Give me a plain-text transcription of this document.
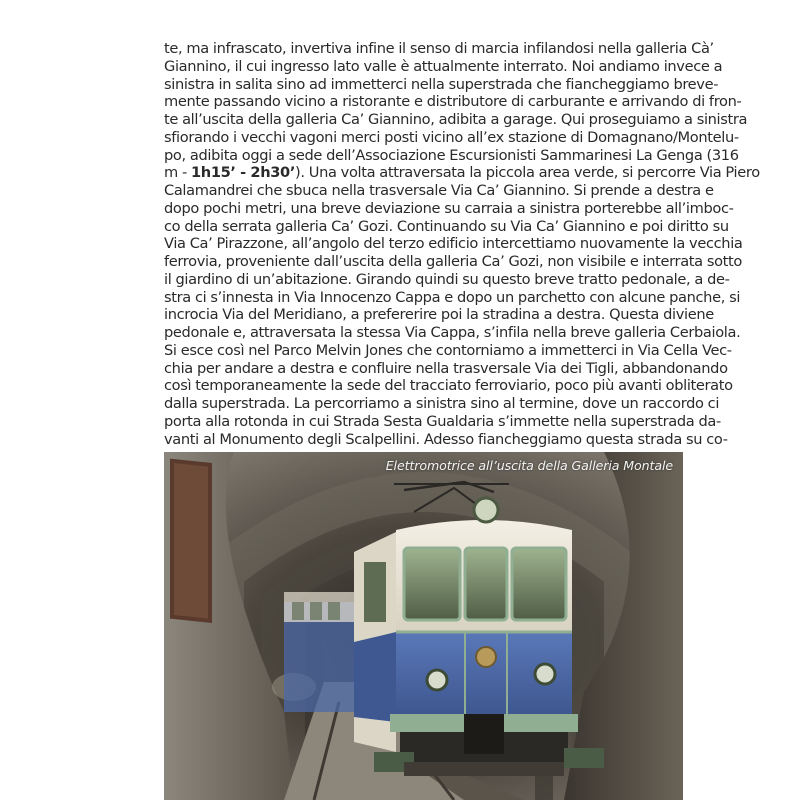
te, ma infrascato, invertiva infine il senso di marcia infilandosi nella galleria Cà’
Giannino, il cui ingresso lato valle è attualmente interrato. Noi andiamo invece a
sinistra in salita sino ad immetterci nella superstrada che fiancheggiamo breve-
mente passando vicino a ristorante e distributore di carburante e arrivando di fron-
te all’uscita della galleria Ca’ Giannino, adibita a garage. Qui proseguiamo a sinistra
sfiorando i vecchi vagoni merci posti vicino all’ex stazione di Domagnano/Montelu-
po, adibita oggi a sede dell’Associazione Escursionisti Sammarinesi La Genga (316
m - 1h15’ - 2h30’). Una volta attraversata la piccola area verde, si percorre Via Piero
Calamandrei che sbuca nella trasversale Via Ca’ Giannino. Si prende a destra e
dopo pochi metri, una breve deviazione su carraia a sinistra porterebbe all’imboc-
co della serrata galleria Ca’ Gozi. Continuando su Via Ca’ Giannino e poi diritto su
Via Ca’ Pirazzone, all’angolo del terzo edificio intercettiamo nuovamente la vecchia
ferrovia, proveniente dall’uscita della galleria Ca’ Gozi, non visibile e interrata sotto
il giardino di un’abitazione. Girando quindi su questo breve tratto pedonale, a de-
stra ci s’innesta in Via Innocenzo Cappa e dopo un parchetto con alcune panche, si
incrocia Via del Meridiano, a prefererire poi la stradina a destra. Questa diviene
pedonale e, attraversata la stessa Via Cappa, s’infila nella breve galleria Cerbaiola.
Si esce così nel Parco Melvin Jones che contorniamo a immetterci in Via Cella Vec-
chia per andare a destra e confluire nella trasversale Via dei Tigli, abbandonando
così temporaneamente la sede del tracciato ferroviario, poco più avanti obliterato
dalla superstrada. La percorriamo a sinistra sino al termine, dove un raccordo ci
porta alla rotonda in cui Strada Sesta Gualdaria s’immette nella superstrada da-
vanti al Monumento degli Scalpellini. Adesso fiancheggiamo questa strada su co-
Elettromotrice all’uscita della Galleria Montale
